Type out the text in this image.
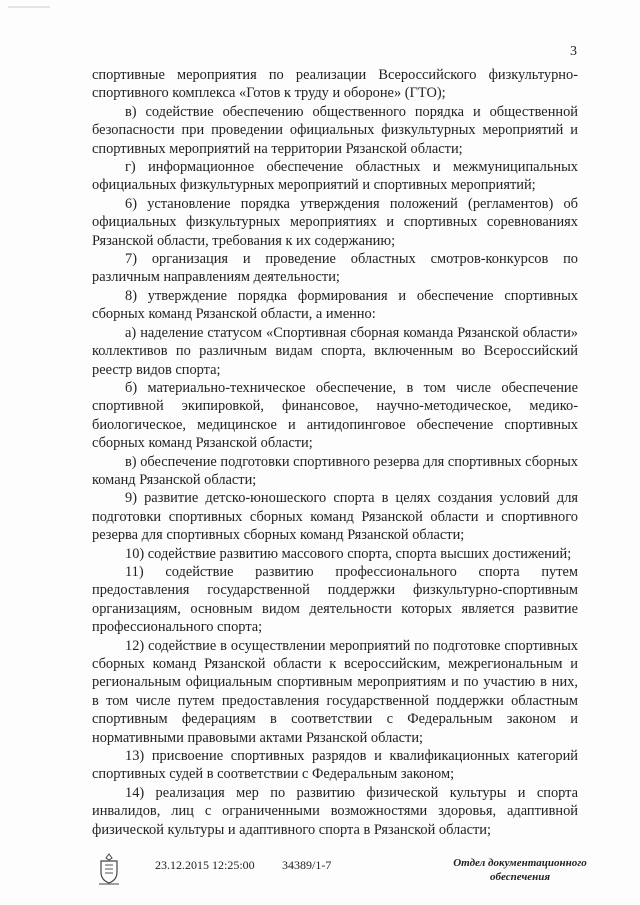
3

спортивные мероприятия по реализации Всероссийского физкультурно-спортивного комплекса «Готов к труду и обороне» (ГТО);

в) содействие обеспечению общественного порядка и общественной безопасности при проведении официальных физкультурных мероприятий и спортивных мероприятий на территории Рязанской области;

г) информационное обеспечение областных и межмуниципальных официальных физкультурных мероприятий и спортивных мероприятий;

6) установление порядка утверждения положений (регламентов) об официальных физкультурных мероприятиях и спортивных соревнованиях Рязанской области, требования к их содержанию;

7) организация и проведение областных смотров-конкурсов по различным направлениям деятельности;

8) утверждение порядка формирования и обеспечение спортивных сборных команд Рязанской области, а именно:

а) наделение статусом «Спортивная сборная команда Рязанской области» коллективов по различным видам спорта, включенным во Всероссийский реестр видов спорта;

б) материально-техническое обеспечение, в том числе обеспечение спортивной экипировкой, финансовое, научно-методическое, медико-биологическое, медицинское и антидопинговое обеспечение спортивных сборных команд Рязанской области;

в) обеспечение подготовки спортивного резерва для спортивных сборных команд Рязанской области;

9) развитие детско-юношеского спорта в целях создания условий для подготовки спортивных сборных команд Рязанской области и спортивного резерва для спортивных сборных команд Рязанской области;

10) содействие развитию массового спорта, спорта высших достижений;

11) содействие развитию профессионального спорта путем предоставления государственной поддержки физкультурно-спортивным организациям, основным видом деятельности которых является развитие профессионального спорта;

12) содействие в осуществлении мероприятий по подготовке спортивных сборных команд Рязанской области к всероссийским, межрегиональным и региональным официальным спортивным мероприятиям и по участию в них, в том числе путем предоставления государственной поддержки областным спортивным федерациям в соответствии с Федеральным законом и нормативными правовыми актами Рязанской области;

13) присвоение спортивных разрядов и квалификационных категорий спортивных судей в соответствии с Федеральным законом;

14) реализация мер по развитию физической культуры и спорта инвалидов, лиц с ограниченными возможностями здоровья, адаптивной физической культуры и адаптивного спорта в Рязанской области;

23.12.2015 12:25:00 34389/1-7	Отдел документационного
обеспечения
